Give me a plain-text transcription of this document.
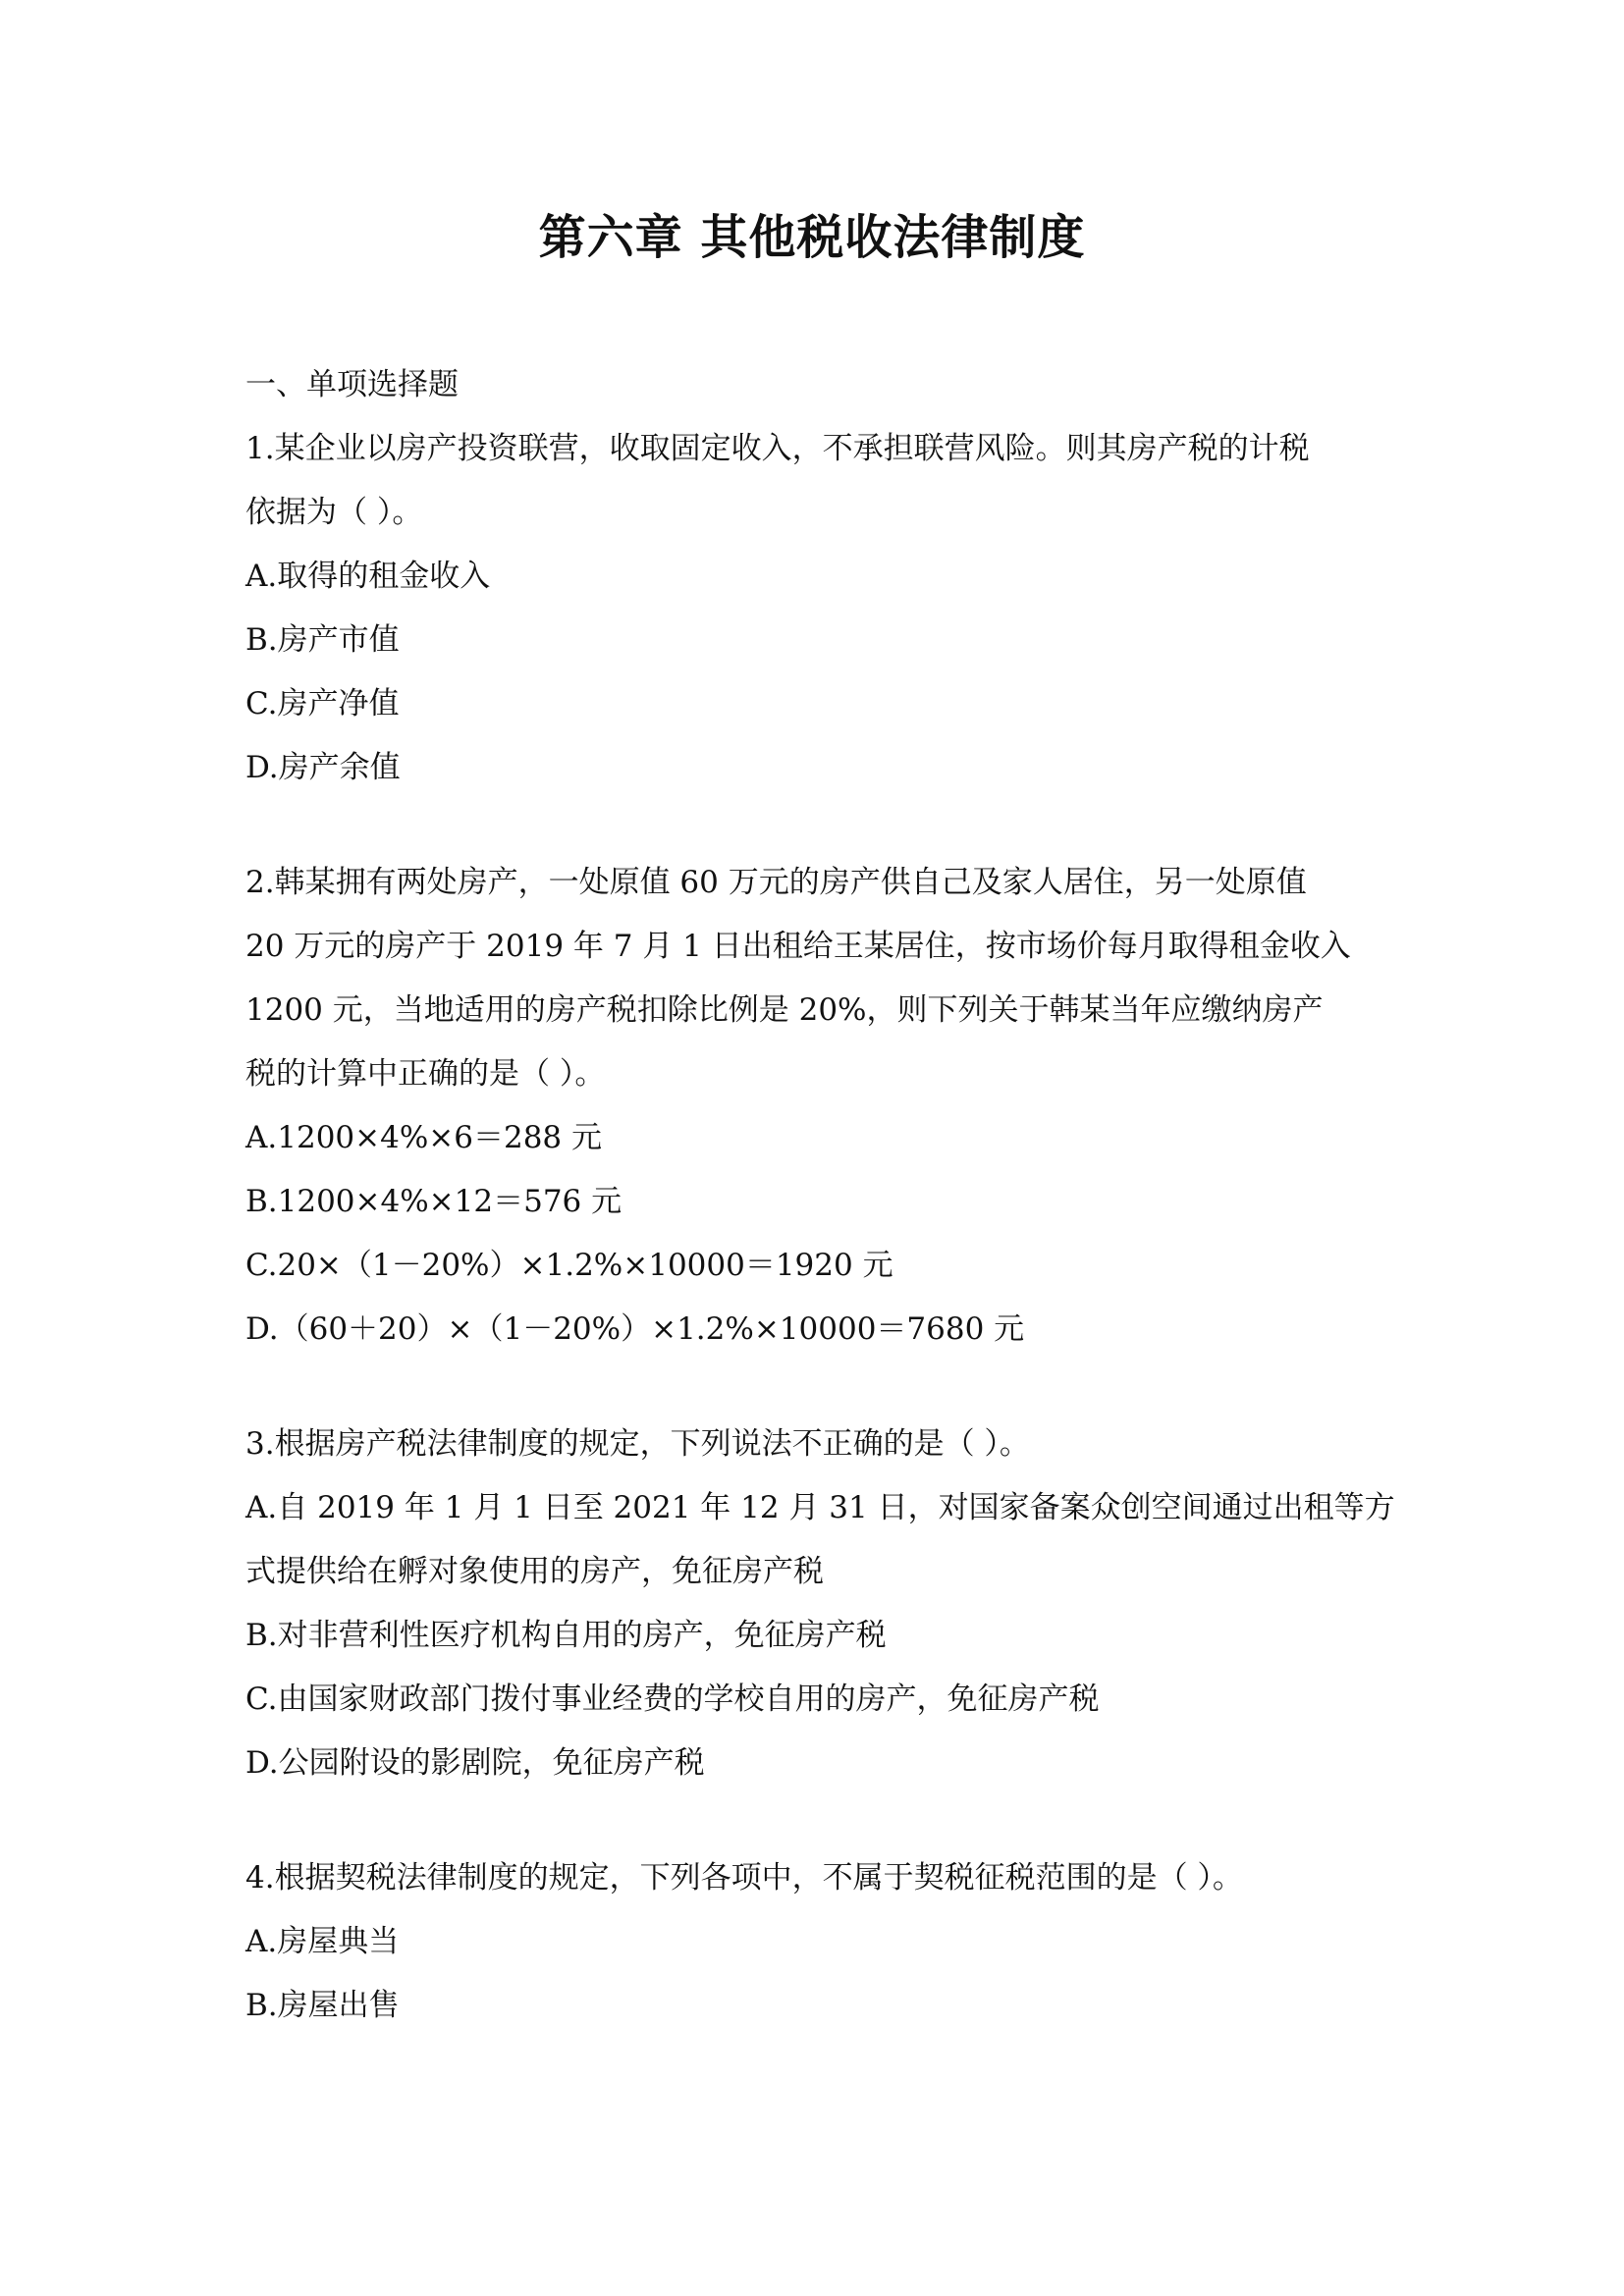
第六章 其他税收法律制度

一、单项选择题

1.某企业以房产投资联营，收取固定收入，不承担联营风险。则其房产税的计税

依据为（ ）。

A.取得的租金收入

B.房产市值

C.房产净值

D.房产余值

2.韩某拥有两处房产，一处原值 60 万元的房产供自己及家人居住，另一处原值

20 万元的房产于 2019 年 7 月 1 日出租给王某居住，按市场价每月取得租金收入

1200 元，当地适用的房产税扣除比例是 20%，则下列关于韩某当年应缴纳房产

税的计算中正确的是（ ）。

A.1200×4%×6＝288 元

B.1200×4%×12＝576 元

C.20×（1－20%）×1.2%×10000＝1920 元

D.（60＋20）×（1－20%）×1.2%×10000＝7680 元

3.根据房产税法律制度的规定，下列说法不正确的是（ ）。

A.自 2019 年 1 月 1 日至 2021 年 12 月 31 日，对国家备案众创空间通过出租等方

式提供给在孵对象使用的房产，免征房产税

B.对非营利性医疗机构自用的房产，免征房产税

C.由国家财政部门拨付事业经费的学校自用的房产，免征房产税

D.公园附设的影剧院，免征房产税

4.根据契税法律制度的规定，下列各项中，不属于契税征税范围的是（ ）。

A.房屋典当

B.房屋出售
